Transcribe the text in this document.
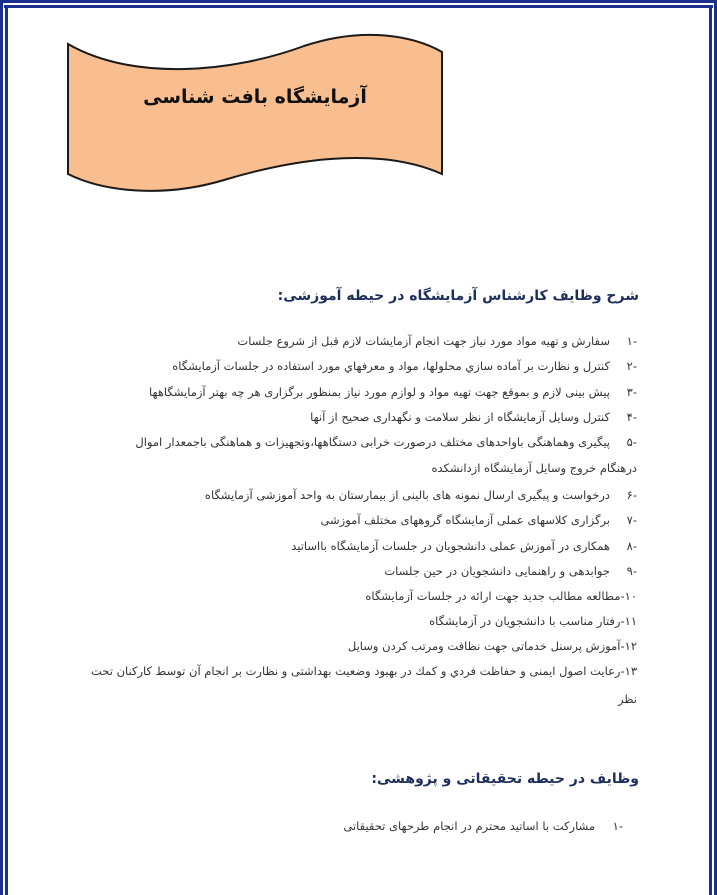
آزمایشگاه بافت شناسی
شرح وظایف کارشناس آزمایشگاه در حیطه آموزشی:
-۱
سفارش و تهیه مواد مورد نیاز جهت انجام آزمایشات لازم قبل از شروع جلسات
-۲
کنترل و نظارت بر آماده سازي محلولها، مواد و معرفهاي مورد استفاده در جلسات آزمایشگاه
-۳
پیش بینی لازم و بموقع جهت تهیه مواد و لوازم مورد نیاز بمنظور برگزاری هر چه بهتر آزمایشگاهها
-۴
کنترل وسایل آزمایشگاه از نظر سلامت و نگهداری صحیح از آنها
-۵
پیگیری وهماهنگی باواحدهای مختلف درصورت خرابی دستگاهها،وتجهیزات و هماهنگی باجمعدار اموال
درهنگام خروج وسایل آزمایشگاه ازدانشکده
-۶
درخواست و پیگیری ارسال نمونه های بالینی از بیمارستان به واحد آموزشی آزمایشگاه
-۷
برگزاری کلاسهای عملی آزمایشگاه گروههای مختلف آموزشی
-۸
همکاری در آموزش عملی دانشجویان در جلسات آزمایشگاه بااساتید
-۹
جوابدهی و راهنمایی دانشجویان در حین جلسات
۱۰-مطالعه مطالب جدید جهت ارائه در جلسات آزمایشگاه
۱۱-رفتار مناسب با دانشجویان در آزمایشگاه
۱۲-آموزش پرسنل خدماتی جهت نظافت ومرتب کردن وسایل
۱۳-رعایت اصول ایمنی و حفاظت فردي و کمك در بهبود وضعیت بهداشتی و نظارت بر انجام آن توسط کارکنان تحت
نظر
وظایف در حیطه تحقیقاتی و پژوهشی:
-۱
مشارکت با اساتید محترم در انجام طرحهای تحقیقاتی
